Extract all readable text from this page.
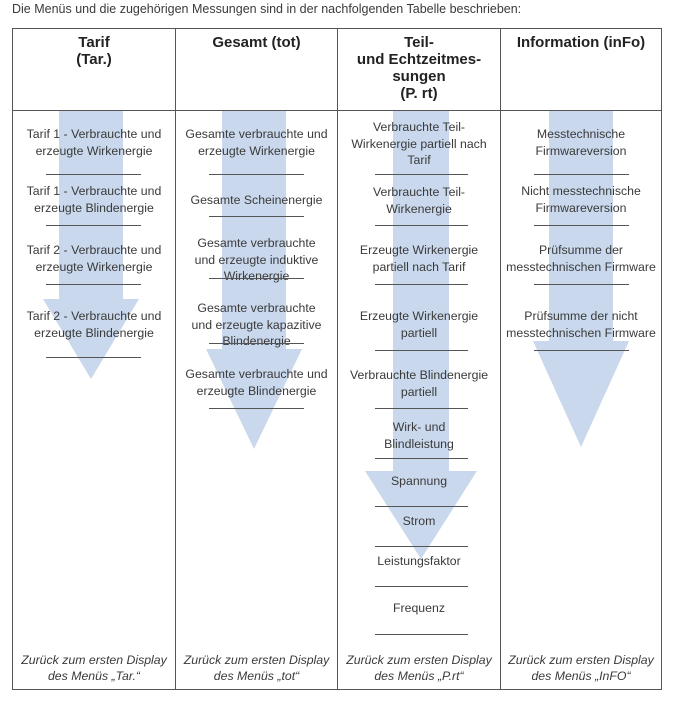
Die Menüs und die zugehörigen Messungen sind in der nachfolgenden Tabelle beschrieben:
Tarif
(Tar.)
Tarif 1 - Verbrauchte und
erzeugte Wirkenergie
Tarif 1 - Verbrauchte und
erzeugte Blindenergie
Tarif 2 - Verbrauchte und
erzeugte Wirkenergie
Tarif 2 - Verbrauchte und
erzeugte Blindenergie
Zurück zum ersten Display
des Menüs „Tar.“
Gesamt (tot)
Gesamte verbrauchte und
erzeugte Wirkenergie
Gesamte Scheinenergie
Gesamte verbrauchte
und erzeugte induktive
Wirkenergie
Gesamte verbrauchte
und erzeugte kapazitive
Blindenergie
Gesamte verbrauchte und
erzeugte Blindenergie
Zurück zum ersten Display
des Menüs „tot“
Teil-
und Echtzeitmes-
sungen
(P. rt)
Verbrauchte Teil-
Wirkenergie partiell nach
Tarif
Verbrauchte Teil-
Wirkenergie
Erzeugte Wirkenergie
partiell nach Tarif
Erzeugte Wirkenergie
partiell
Verbrauchte Blindenergie
partiell
Wirk- und
Blindleistung
Spannung
Strom
Leistungsfaktor
Frequenz
Zurück zum ersten Display
des Menüs „P.rt“
Information (inFo)
Messtechnische
Firmwareversion
Nicht messtechnische
Firmwareversion
Prüfsumme der
messtechnischen Firmware
Prüfsumme der nicht
messtechnischen Firmware
Zurück zum ersten Display
des Menüs „InFO“
